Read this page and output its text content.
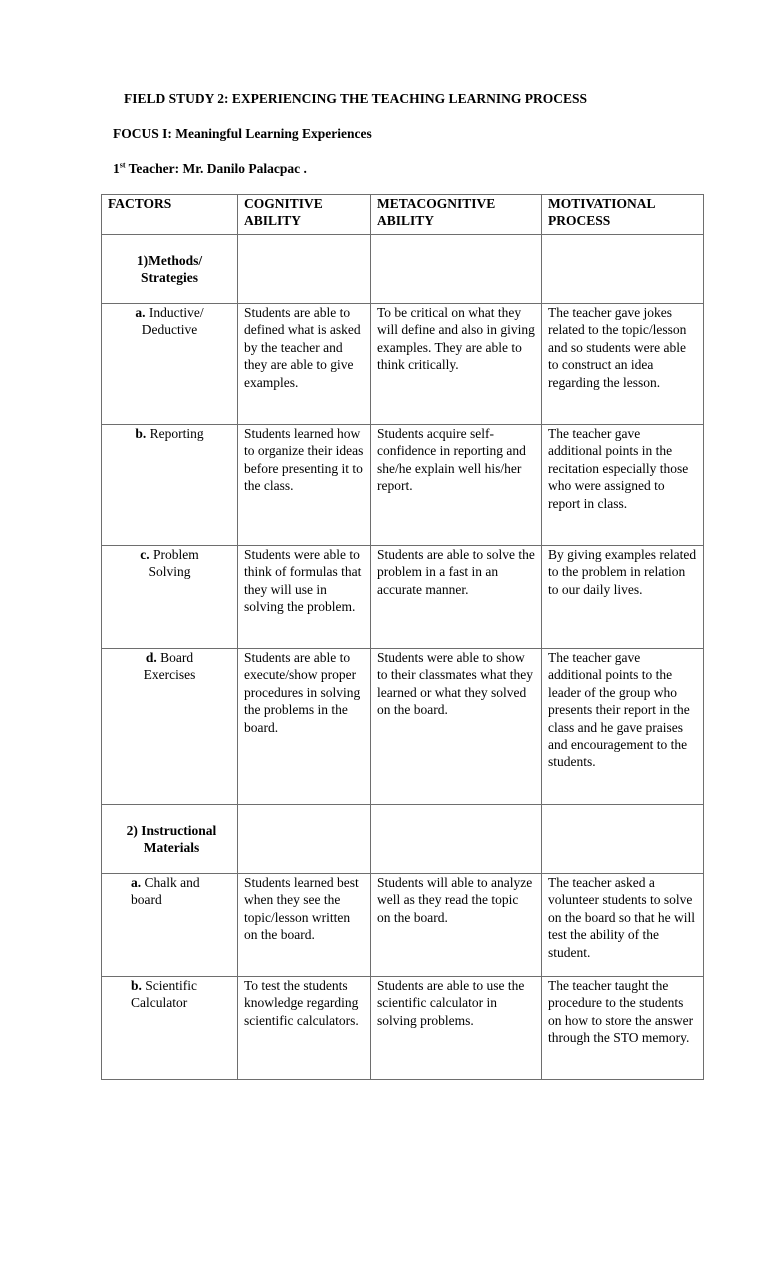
FIELD STUDY 2: EXPERIENCING THE TEACHING LEARNING PROCESS
FOCUS I: Meaningful Learning Experiences
1st Teacher: Mr. Danilo Palacpac .
FACTORS	COGNITIVE ABILITY	METACOGNITIVE ABILITY	MOTIVATIONAL PROCESS
1)Methods/ Strategies			
a. Inductive/ Deductive	Students are able to defined what is asked by the teacher and they are able to give examples.	To be critical on what they will define and also in giving examples. They are able to think critically.	The teacher gave jokes related to the topic/lesson and so students were able to construct an idea regarding the lesson.
b. Reporting	Students learned how to organize their ideas before presenting it to the class.	Students acquire self-confidence in reporting and she/he explain well his/her report.	The teacher gave additional points in the recitation especially those who were assigned to report in class.
c. Problem Solving	Students were able to think of formulas that they will use in solving the problem.	Students are able to solve the problem in a fast in an accurate manner.	By giving examples related to the problem in relation to our daily lives.
d. Board Exercises	Students are able to execute/show proper procedures in solving the problems in the board.	Students were able to show to their classmates what they learned or what they solved on the board.	The teacher gave additional points to the leader of the group who presents their report in the class and he gave praises and encouragement to the students.
2) Instructional Materials			
a. Chalk and board	Students learned best when they see the topic/lesson written on the board.	Students will able to analyze well as they read the topic on the board.	The teacher asked a volunteer students to solve on the board so that he will test the ability of the student.
b. Scientific Calculator	To test the students knowledge regarding scientific calculators.	Students are able to use the scientific calculator in solving problems.	The teacher taught the procedure to the students on how to store the answer through the STO memory.
